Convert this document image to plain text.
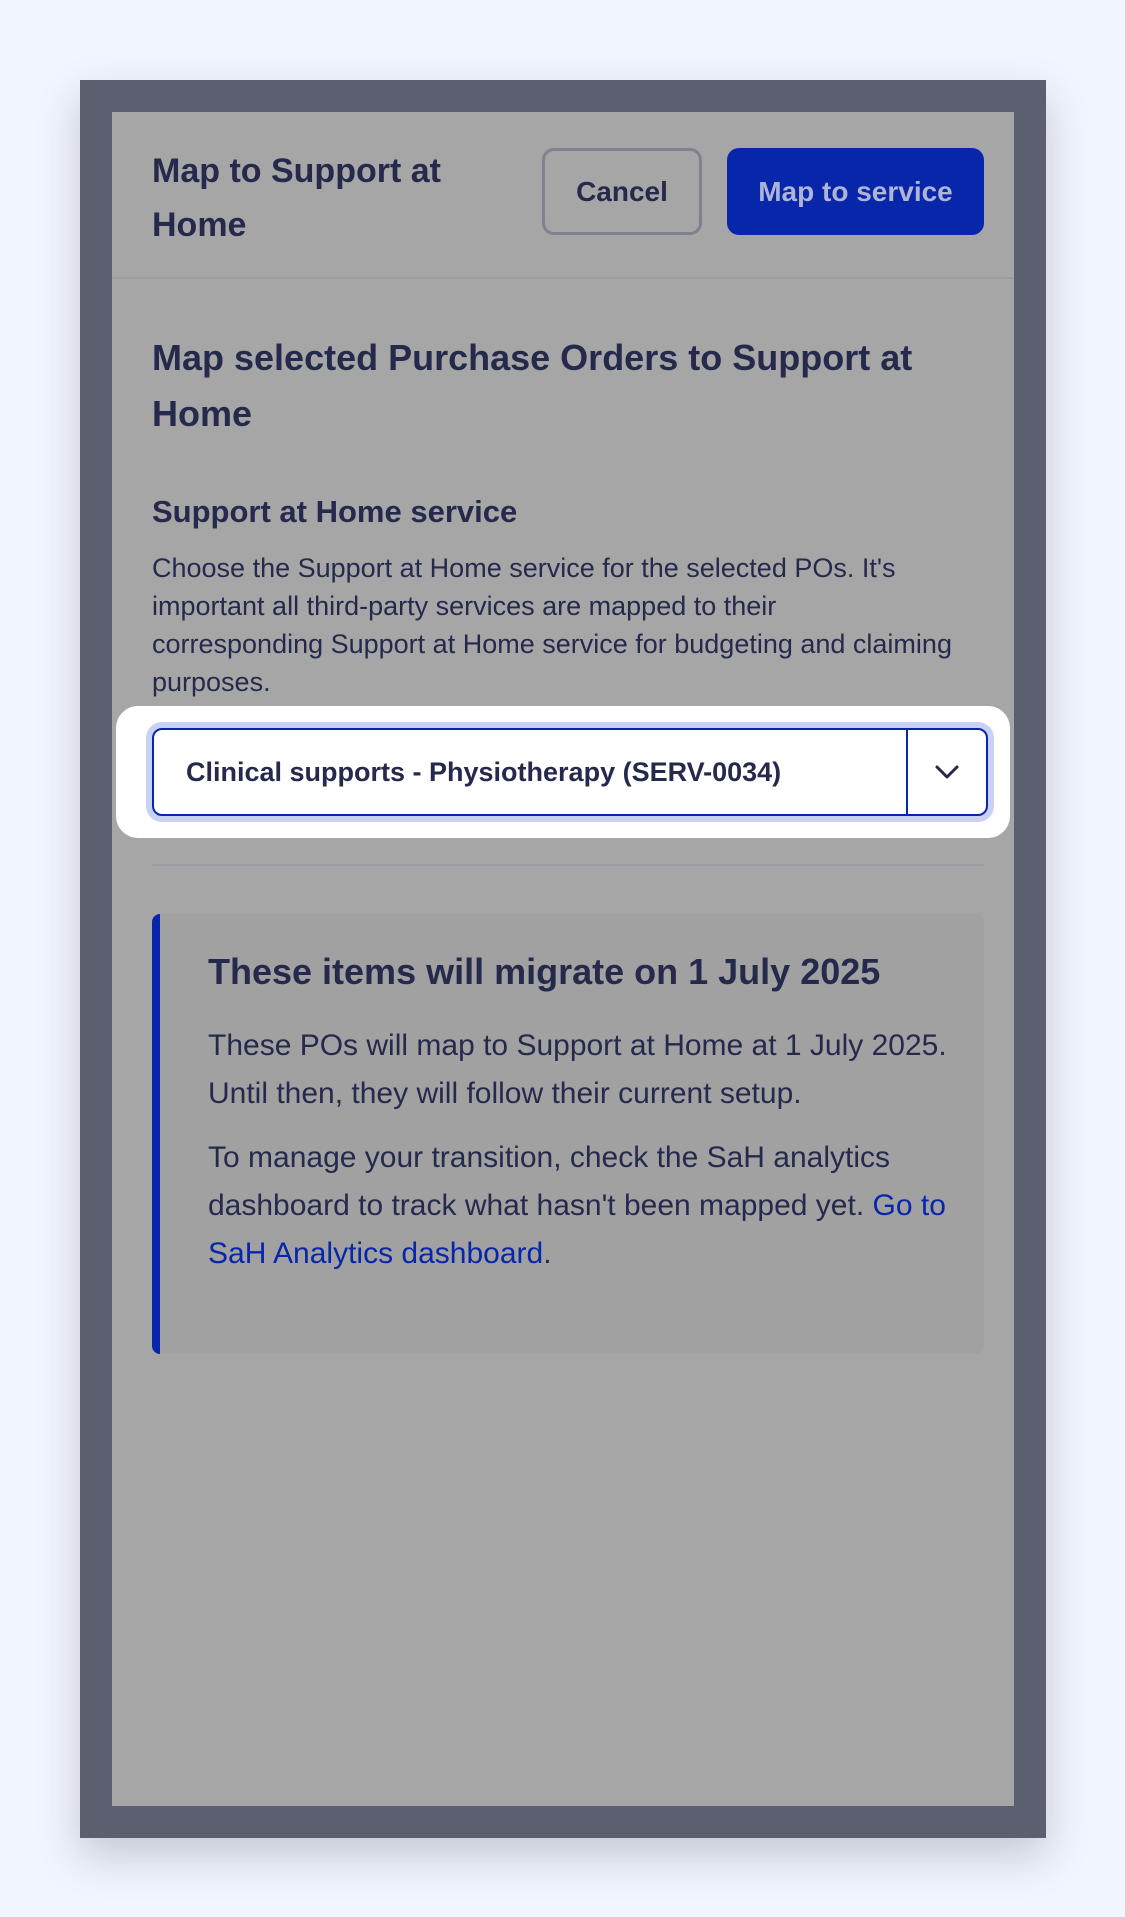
Map to Support at Home
Cancel	Map to service
Map selected Purchase Orders to Support at Home
Support at Home service
Choose the Support at Home service for the selected POs. It's important all third-party services are mapped to their corresponding Support at Home service for budgeting and claiming purposes.
Clinical supports - Physiotherapy (SERV-0034)
These items will migrate on 1 July 2025

These POs will map to Support at Home at 1 July 2025. Until then, they will follow their current setup.

To manage your transition, check the SaH analytics dashboard to track what hasn't been mapped yet. Go to SaH Analytics dashboard.
